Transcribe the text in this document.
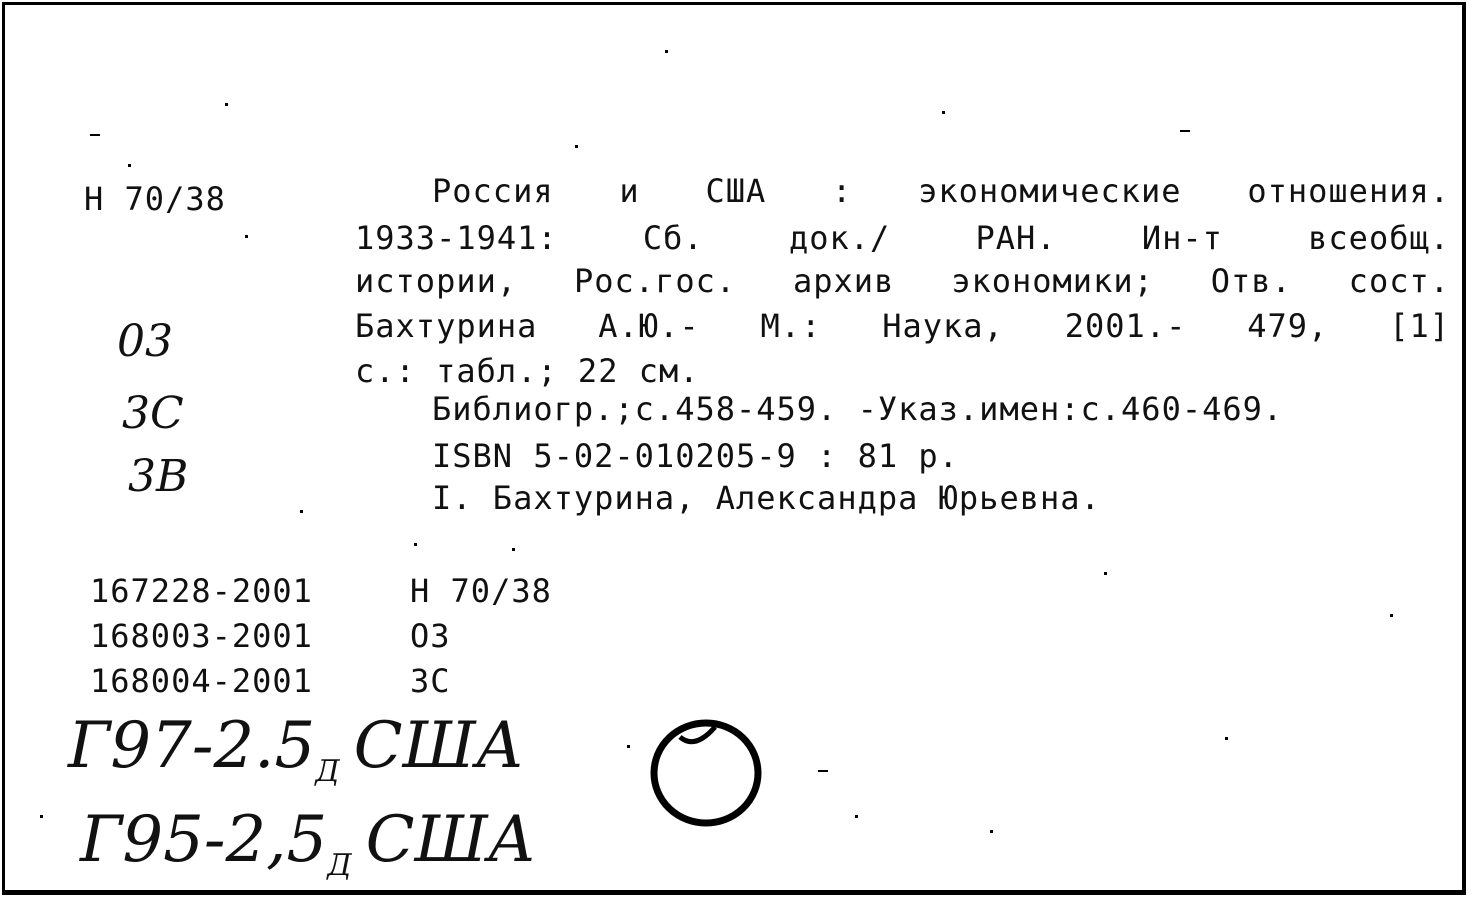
Н 70/38
03
3С
3В
Россия и США : экономические отношения.
1933-1941: Сб. док./ РАН. Ин-т всеобщ.
истории, Рос.гос. архив экономики; Отв. сост.
Бахтурина А.Ю.- М.: Наука, 2001.- 479, [1]
с.: табл.; 22 см.
Библиогр.;с.458-459. -Указ.имен:с.460-469.
ISBN 5-02-010205-9 : 81 р.
I. Бахтурина, Александра Юрьевна.
167228-2001	Н 70/38
168003-2001	О3
168004-2001	3С
$Г97-2.5_Д$ США
$Г95-2,5_Д$ США
